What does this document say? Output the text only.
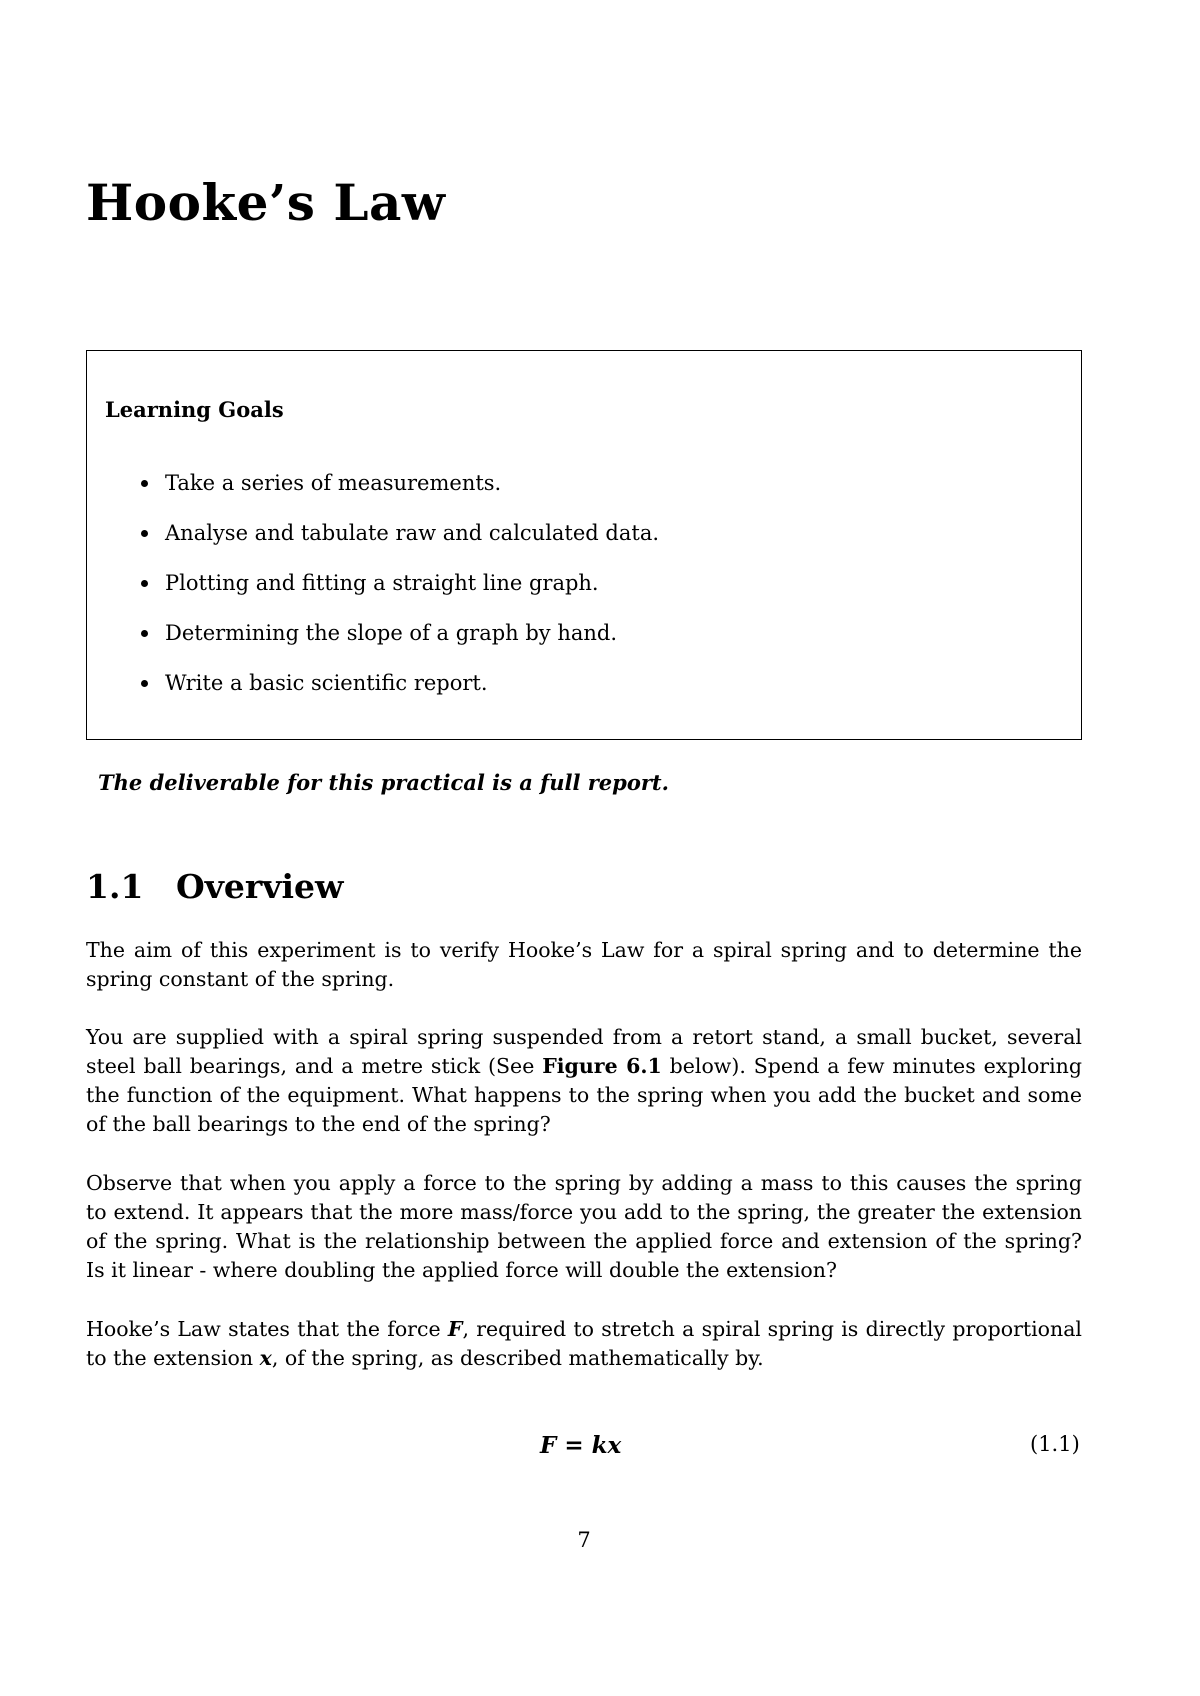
Hooke’s Law

Learning Goals

Take a series of measurements.
Analyse and tabulate raw and calculated data.
Plotting and fitting a straight line graph.
Determining the slope of a graph by hand.
Write a basic scientific report.

The deliverable for this practical is a full report.

1.1 Overview

The aim of this experiment is to verify Hooke’s Law for a spiral spring and to determine the spring constant of the spring.

You are supplied with a spiral spring suspended from a retort stand, a small bucket, several steel ball bearings, and a metre stick (See Figure 6.1 below). Spend a few minutes exploring the function of the equipment. What happens to the spring when you add the bucket and some of the ball bearings to the end of the spring?

Observe that when you apply a force to the spring by adding a mass to this causes the spring to extend. It appears that the more mass/force you add to the spring, the greater the extension of the spring. What is the relationship between the applied force and extension of the spring? Is it linear - where doubling the applied force will double the extension?

Hooke’s Law states that the force F, required to stretch a spiral spring is directly proportional to the extension x, of the spring, as described mathematically by.

F = kx	(1.1)

7
